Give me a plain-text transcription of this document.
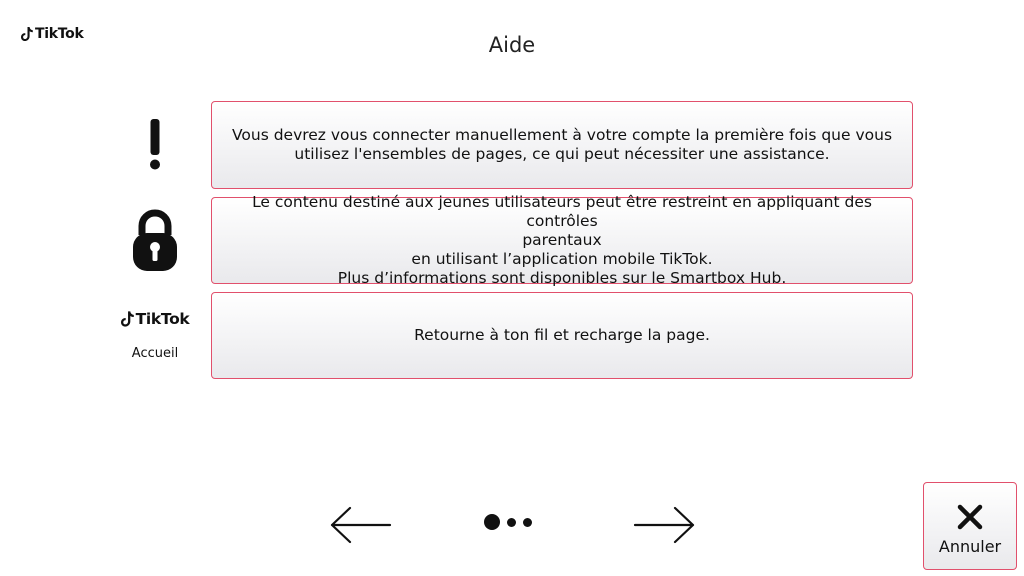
TikTok	Aide
Vous devrez vous connecter manuellement à votre compte la première fois que vous
utilisez l'ensembles de pages, ce qui peut nécessiter une assistance.
Le contenu destiné aux jeunes utilisateurs peut être restreint en appliquant des contrôles
parentaux
en utilisant l’application mobile TikTok.
Plus d’informations sont disponibles sur le Smartbox Hub.
TikTok
Accueil
Retourne à ton fil et recharge la page.
Annuler
